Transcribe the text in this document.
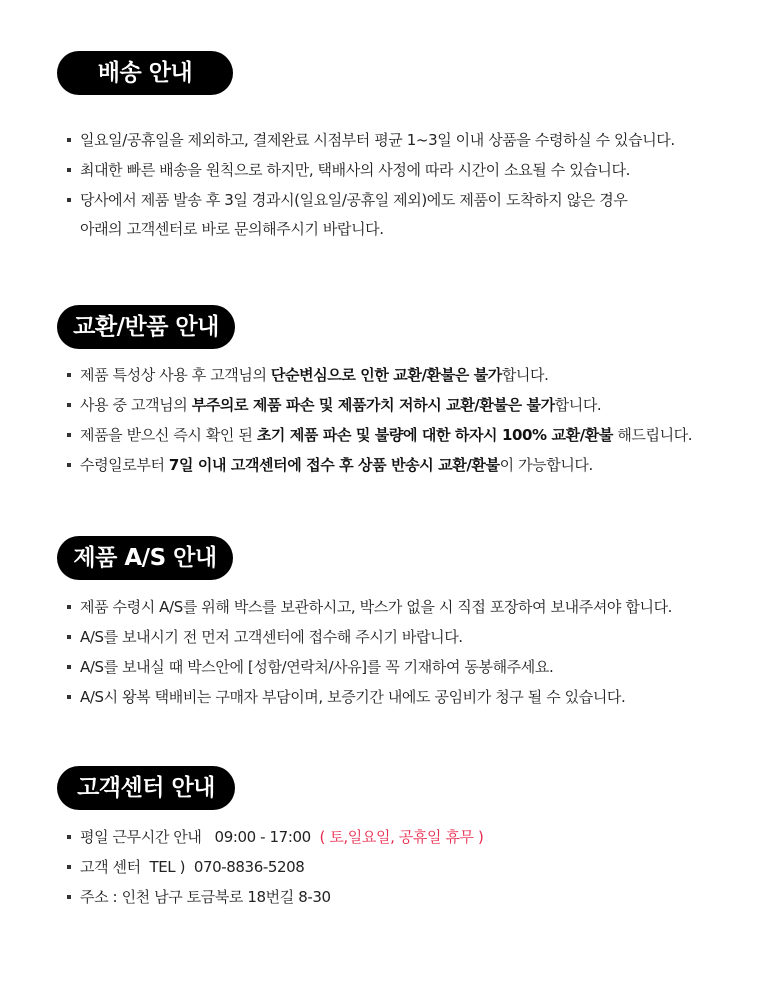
배송 안내
일요일/공휴일을 제외하고, 결제완료 시점부터 평균 1~3일 이내 상품을 수령하실 수 있습니다.
최대한 빠른 배송을 원칙으로 하지만, 택배사의 사정에 따라 시간이 소요될 수 있습니다.
당사에서 제품 발송 후 3일 경과시(일요일/공휴일 제외)에도 제품이 도착하지 않은 경우
아래의 고객센터로 바로 문의해주시기 바랍니다.
교환/반품 안내
제품 특성상 사용 후 고객님의 단순변심으로 인한 교환/환불은 불가합니다.
사용 중 고객님의 부주의로 제품 파손 및 제품가치 저하시 교환/환불은 불가합니다.
제품을 받으신 즉시 확인 된 초기 제품 파손 및 불량에 대한 하자시 100% 교환/환불 해드립니다.
수령일로부터 7일 이내 고객센터에 접수 후 상품 반송시 교환/환불이 가능합니다.
제품 A/S 안내
제품 수령시 A/S를 위해 박스를 보관하시고, 박스가 없을 시 직접 포장하여 보내주셔야 합니다.
A/S를 보내시기 전 먼저 고객센터에 접수해 주시기 바랍니다.
A/S를 보내실 때 박스안에 [성함/연락처/사유]를 꼭 기재하여 동봉해주세요.
A/S시 왕복 택배비는 구매자 부담이며, 보증기간 내에도 공임비가 청구 될 수 있습니다.
고객센터 안내
평일 근무시간 안내   09:00 - 17:00  ( 토,일요일, 공휴일 휴무 )
고객 센터  TEL )  070-8836-5208
주소 : 인천 남구 토금북로 18번길 8-30
